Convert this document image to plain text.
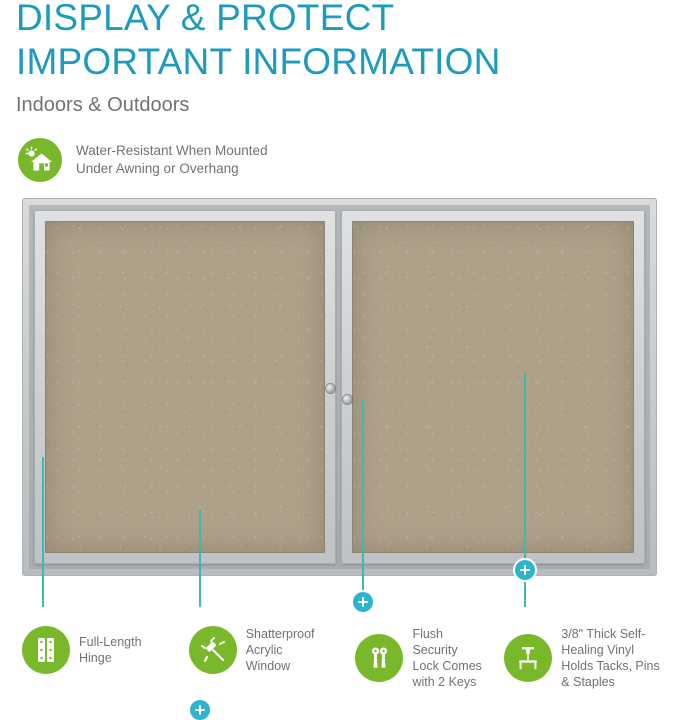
DISPLAY & PROTECT
IMPORTANT INFORMATION
Indoors & Outdoors
Water-Resistant When Mounted
Under Awning or Overhang
Full-Length
Hinge
Shatterproof
Acrylic
Window
Flush
Security
Lock Comes
with 2 Keys
3/8" Thick Self-
Healing Vinyl
Holds Tacks, Pins
& Staples
